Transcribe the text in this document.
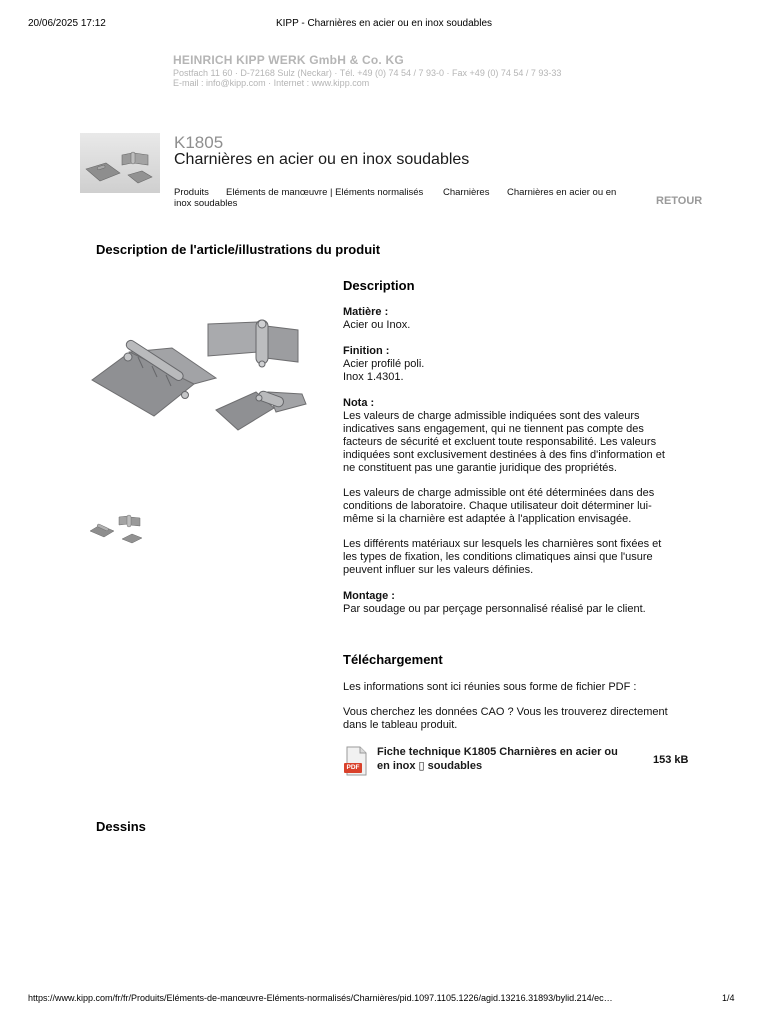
20/06/2025 17:12	KIPP - Charnières en acier ou en inox soudables
HEINRICH KIPP WERK GmbH & Co. KG
Postfach 11 60 · D-72168 Sulz (Neckar) · Tél. +49 (0) 74 54 / 7 93-0 · Fax +49 (0) 74 54 / 7 93-33
E-mail : info@kipp.com · Internet : www.kipp.com
K1805
Charnières en acier ou en inox soudables
Produits Eléments de manœuvre | Eléments normalisés Charnières Charnières en acier ou en
inox soudables	RETOUR
Description de l'article/illustrations du produit
Description
Matière :
Acier ou Inox.
Finition :
Acier profilé poli.
Inox 1.4301.
Nota :
Les valeurs de charge admissible indiquées sont des valeurs
indicatives sans engagement, qui ne tiennent pas compte des
facteurs de sécurité et excluent toute responsabilité. Les valeurs
indiquées sont exclusivement destinées à des fins d'information et
ne constituent pas une garantie juridique des propriétés.
Les valeurs de charge admissible ont été déterminées dans des
conditions de laboratoire. Chaque utilisateur doit déterminer lui-
même si la charnière est adaptée à l'application envisagée.
Les différents matériaux sur lesquels les charnières sont fixées et
les types de fixation, les conditions climatiques ainsi que l'usure
peuvent influer sur les valeurs définies.
Montage :
Par soudage ou par perçage personnalisé réalisé par le client.
Téléchargement
Les informations sont ici réunies sous forme de fichier PDF :
Vous cherchez les données CAO ? Vous les trouverez directement
dans le tableau produit.
PDF
Fiche technique K1805 Charnières en acier ou
en inox ▯ soudables	153 kB
Dessins
https://www.kipp.com/fr/fr/Produits/Eléments-de-manœuvre-Eléments-normalisés/Charnières/pid.1097.1105.1226/agid.13216.31893/bylid.214/ec…	1/4
